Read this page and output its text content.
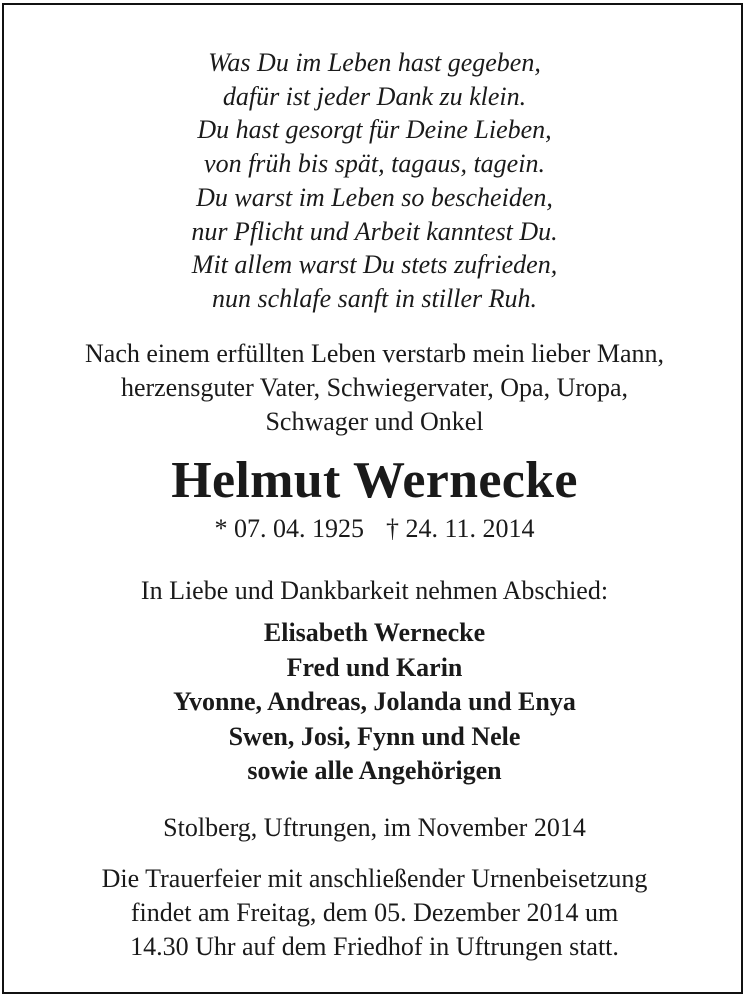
Was Du im Leben hast gegeben,
dafür ist jeder Dank zu klein.
Du hast gesorgt für Deine Lieben,
von früh bis spät, tagaus, tagein.
Du warst im Leben so bescheiden,
nur Pflicht und Arbeit kanntest Du.
Mit allem warst Du stets zufrieden,
nun schlafe sanft in stiller Ruh.
Nach einem erfüllten Leben verstarb mein lieber Mann,
herzensguter Vater, Schwiegervater, Opa, Uropa,
Schwager und Onkel
Helmut Wernecke
* 07. 04. 1925 † 24. 11. 2014
In Liebe und Dankbarkeit nehmen Abschied:
Elisabeth Wernecke
Fred und Karin
Yvonne, Andreas, Jolanda und Enya
Swen, Josi, Fynn und Nele
sowie alle Angehörigen
Stolberg, Uftrungen, im November 2014
Die Trauerfeier mit anschließender Urnenbeisetzung
findet am Freitag, dem 05. Dezember 2014 um
14.30 Uhr auf dem Friedhof in Uftrungen statt.
